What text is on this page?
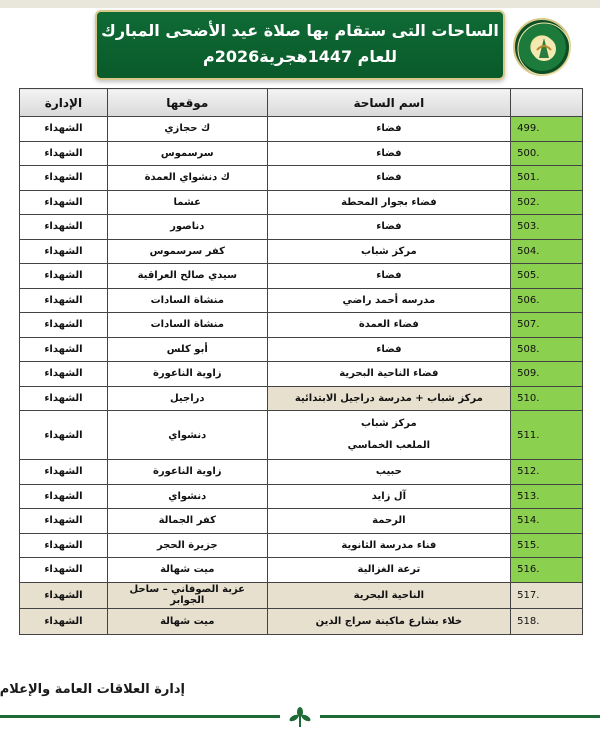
الساحات التى ستقام بها صلاة عيد الأضحى المبارك
للعام 1447هجرية2026م
	اسم الساحة	موقعها	الإدارة
499.	فضاء	ك حجازي	الشهداء
500.	فضاء	سرسموس	الشهداء
501.	فضاء	ك دنشواي العمدة	الشهداء
502.	فضاء بجوار المحطة	عشما	الشهداء
503.	فضاء	دناصور	الشهداء
504.	مركز شباب	كفر سرسموس	الشهداء
505.	فضاء	سيدي صالح العراقية	الشهداء
506.	مدرسه أحمد راضي	منشاة السادات	الشهداء
507.	فضاء العمدة	منشاة السادات	الشهداء
508.	فضاء	أبو كلس	الشهداء
509.	فضاء الناحية البحرية	زاوية الناعورة	الشهداء
510.	مركز شباب + مدرسة دراجيل الابتدائية	دراجيل	الشهداء
511.	مركز شباب
الملعب الخماسي	دنشواي	الشهداء
512.	حبيب	زاوية الناعورة	الشهداء
513.	آل زايد	دنشواي	الشهداء
514.	الرحمة	كفر الجمالة	الشهداء
515.	فناء مدرسة الثانوية	جزيرة الحجر	الشهداء
516.	ترعة الغزالية	ميت شهالة	الشهداء
517.	الناحية البحرية	عزبة الصوفاني – ساحل الجوابر	الشهداء
518.	خلاء بشارع ماكينة سراج الدين	ميت شهالة	الشهداء
إدارة العلاقات العامة والإعلام
